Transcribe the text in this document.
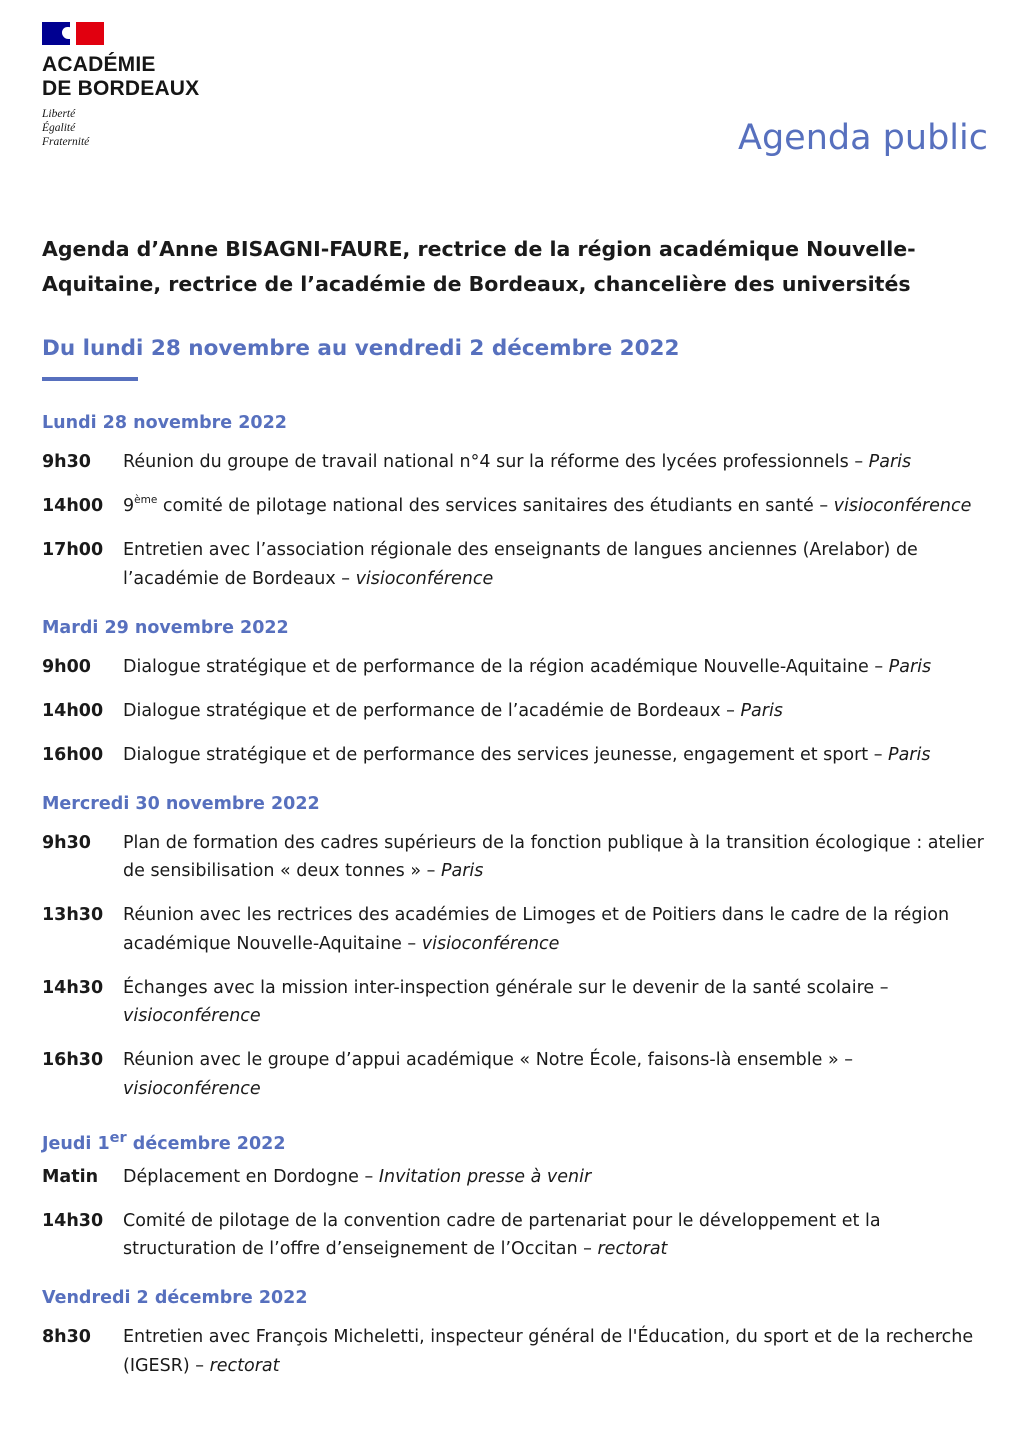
ACADÉMIE
DE BORDEAUX
Liberté
Égalité
Fraternité	Agenda public
Agenda d’Anne BISAGNI-FAURE, rectrice de la région académique Nouvelle-Aquitaine, rectrice de l’académie de Bordeaux, chancelière des universités
Du lundi 28 novembre au vendredi 2 décembre 2022
Lundi 28 novembre 2022
9h30	Réunion du groupe de travail national n°4 sur la réforme des lycées professionnels – Paris
14h00	9ème comité de pilotage national des services sanitaires des étudiants en santé – visioconférence
17h00	Entretien avec l’association régionale des enseignants de langues anciennes (Arelabor) de l’académie de Bordeaux – visioconférence
Mardi 29 novembre 2022
9h00	Dialogue stratégique et de performance de la région académique Nouvelle-Aquitaine – Paris
14h00	Dialogue stratégique et de performance de l’académie de Bordeaux – Paris
16h00	Dialogue stratégique et de performance des services jeunesse, engagement et sport – Paris
Mercredi 30 novembre 2022
9h30	Plan de formation des cadres supérieurs de la fonction publique à la transition écologique : atelier de sensibilisation « deux tonnes » – Paris
13h30	Réunion avec les rectrices des académies de Limoges et de Poitiers dans le cadre de la région académique Nouvelle-Aquitaine – visioconférence
14h30	Échanges avec la mission inter-inspection générale sur le devenir de la santé scolaire – visioconférence
16h30	Réunion avec le groupe d’appui académique « Notre École, faisons-là ensemble » – visioconférence
Jeudi 1er décembre 2022
Matin	Déplacement en Dordogne – Invitation presse à venir
14h30	Comité de pilotage de la convention cadre de partenariat pour le développement et la structuration de l’offre d’enseignement de l’Occitan – rectorat
Vendredi 2 décembre 2022
8h30	Entretien avec François Micheletti, inspecteur général de l'Éducation, du sport et de la recherche (IGESR) – rectorat
